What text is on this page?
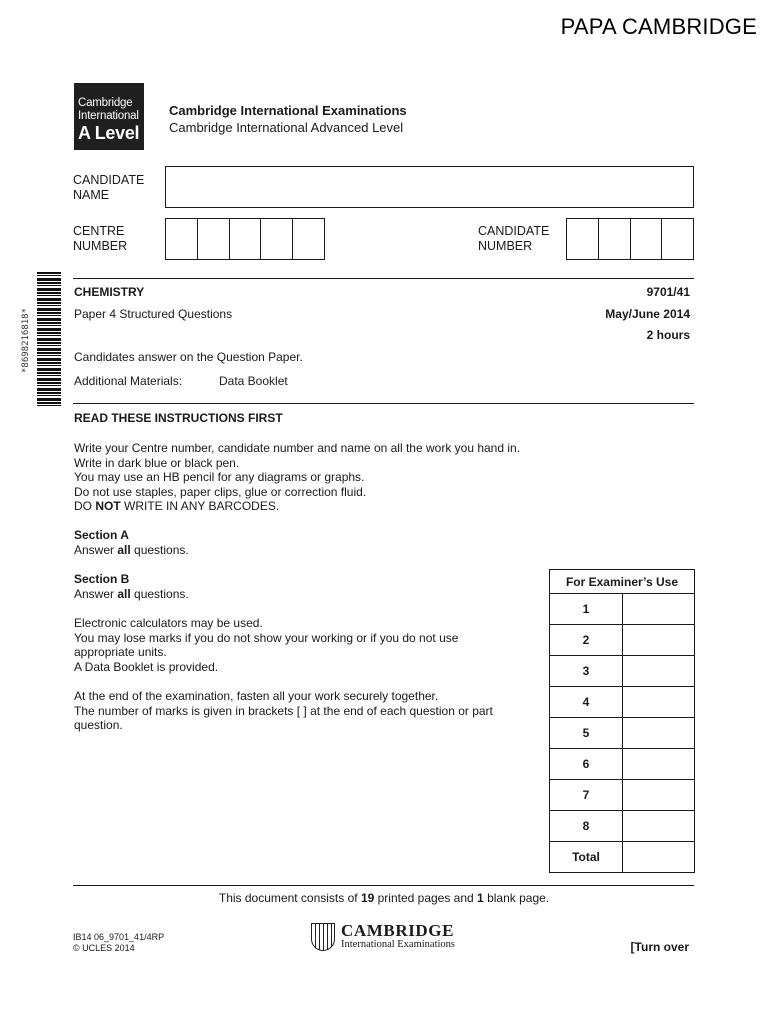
PAPA CAMBRIDGE
Cambridge
International
A Level
Cambridge International Examinations
Cambridge International Advanced Level
CANDIDATE
NAME
CENTRE
NUMBER
CANDIDATE
NUMBER
*8698216818*
CHEMISTRY	9701/41
Paper 4 Structured Questions	May/June 2014
2 hours
Candidates answer on the Question Paper.
Additional Materials:	Data Booklet
READ THESE INSTRUCTIONS FIRST
Write your Centre number, candidate number and name on all the work you hand in.
Write in dark blue or black pen.
You may use an HB pencil for any diagrams or graphs.
Do not use staples, paper clips, glue or correction fluid.
DO NOT WRITE IN ANY BARCODES.
Section A
Answer all questions.
Section B
Answer all questions.
Electronic calculators may be used.
You may lose marks if you do not show your working or if you do not use
appropriate units.
A Data Booklet is provided.
At the end of the examination, fasten all your work securely together.
The number of marks is given in brackets [ ] at the end of each question or part
question.
For Examiner’s Use	
1	
2	
3	
4	
5	
6	
7	
8	
Total	
This document consists of 19 printed pages and 1 blank page.
IB14 06_9701_41/4RP
© UCLES 2014
CAMBRIDGE
International Examinations	[Turn over
